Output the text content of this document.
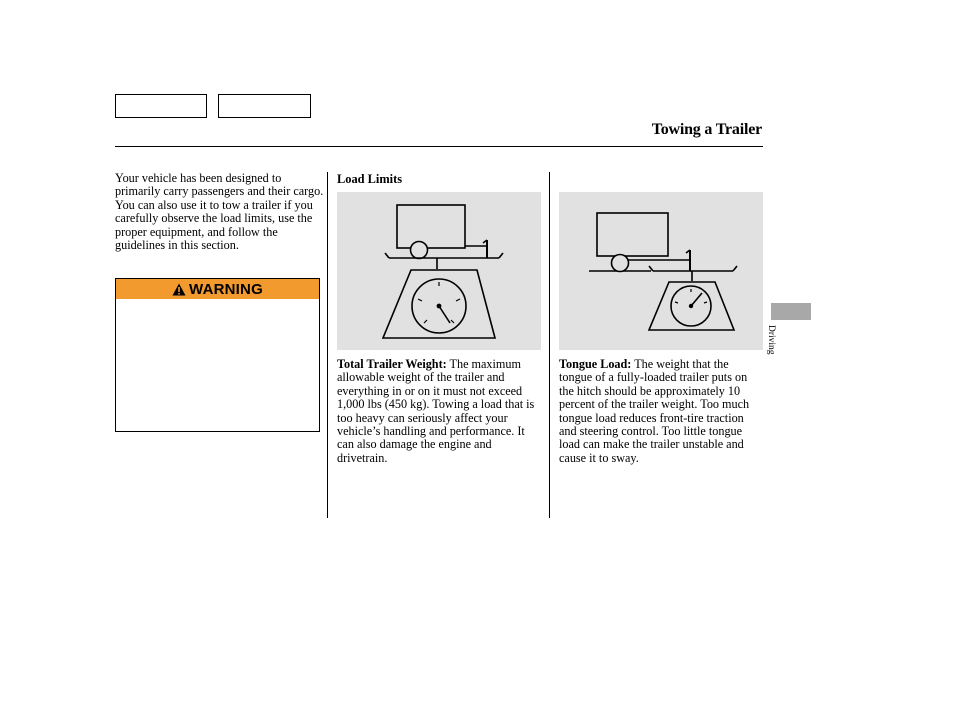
Towing a Trailer
Your vehicle has been designed to primarily carry passengers and their cargo. You can also use it to tow a trailer if you carefully observe the load limits, use the proper equipment, and follow the guidelines in this section.
WARNING
Load Limits
Total Trailer Weight: The maximum allowable weight of the trailer and everything in or on it must not exceed 1,000 lbs (450 kg). Towing a load that is too heavy can seriously affect your vehicle’s handling and performance. It can also damage the engine and drivetrain.
Tongue Load: The weight that the tongue of a fully-loaded trailer puts on the hitch should be approximately 10 percent of the trailer weight. Too much tongue load reduces front-tire traction and steering control. Too little tongue load can make the trailer unstable and cause it to sway.
Driving
